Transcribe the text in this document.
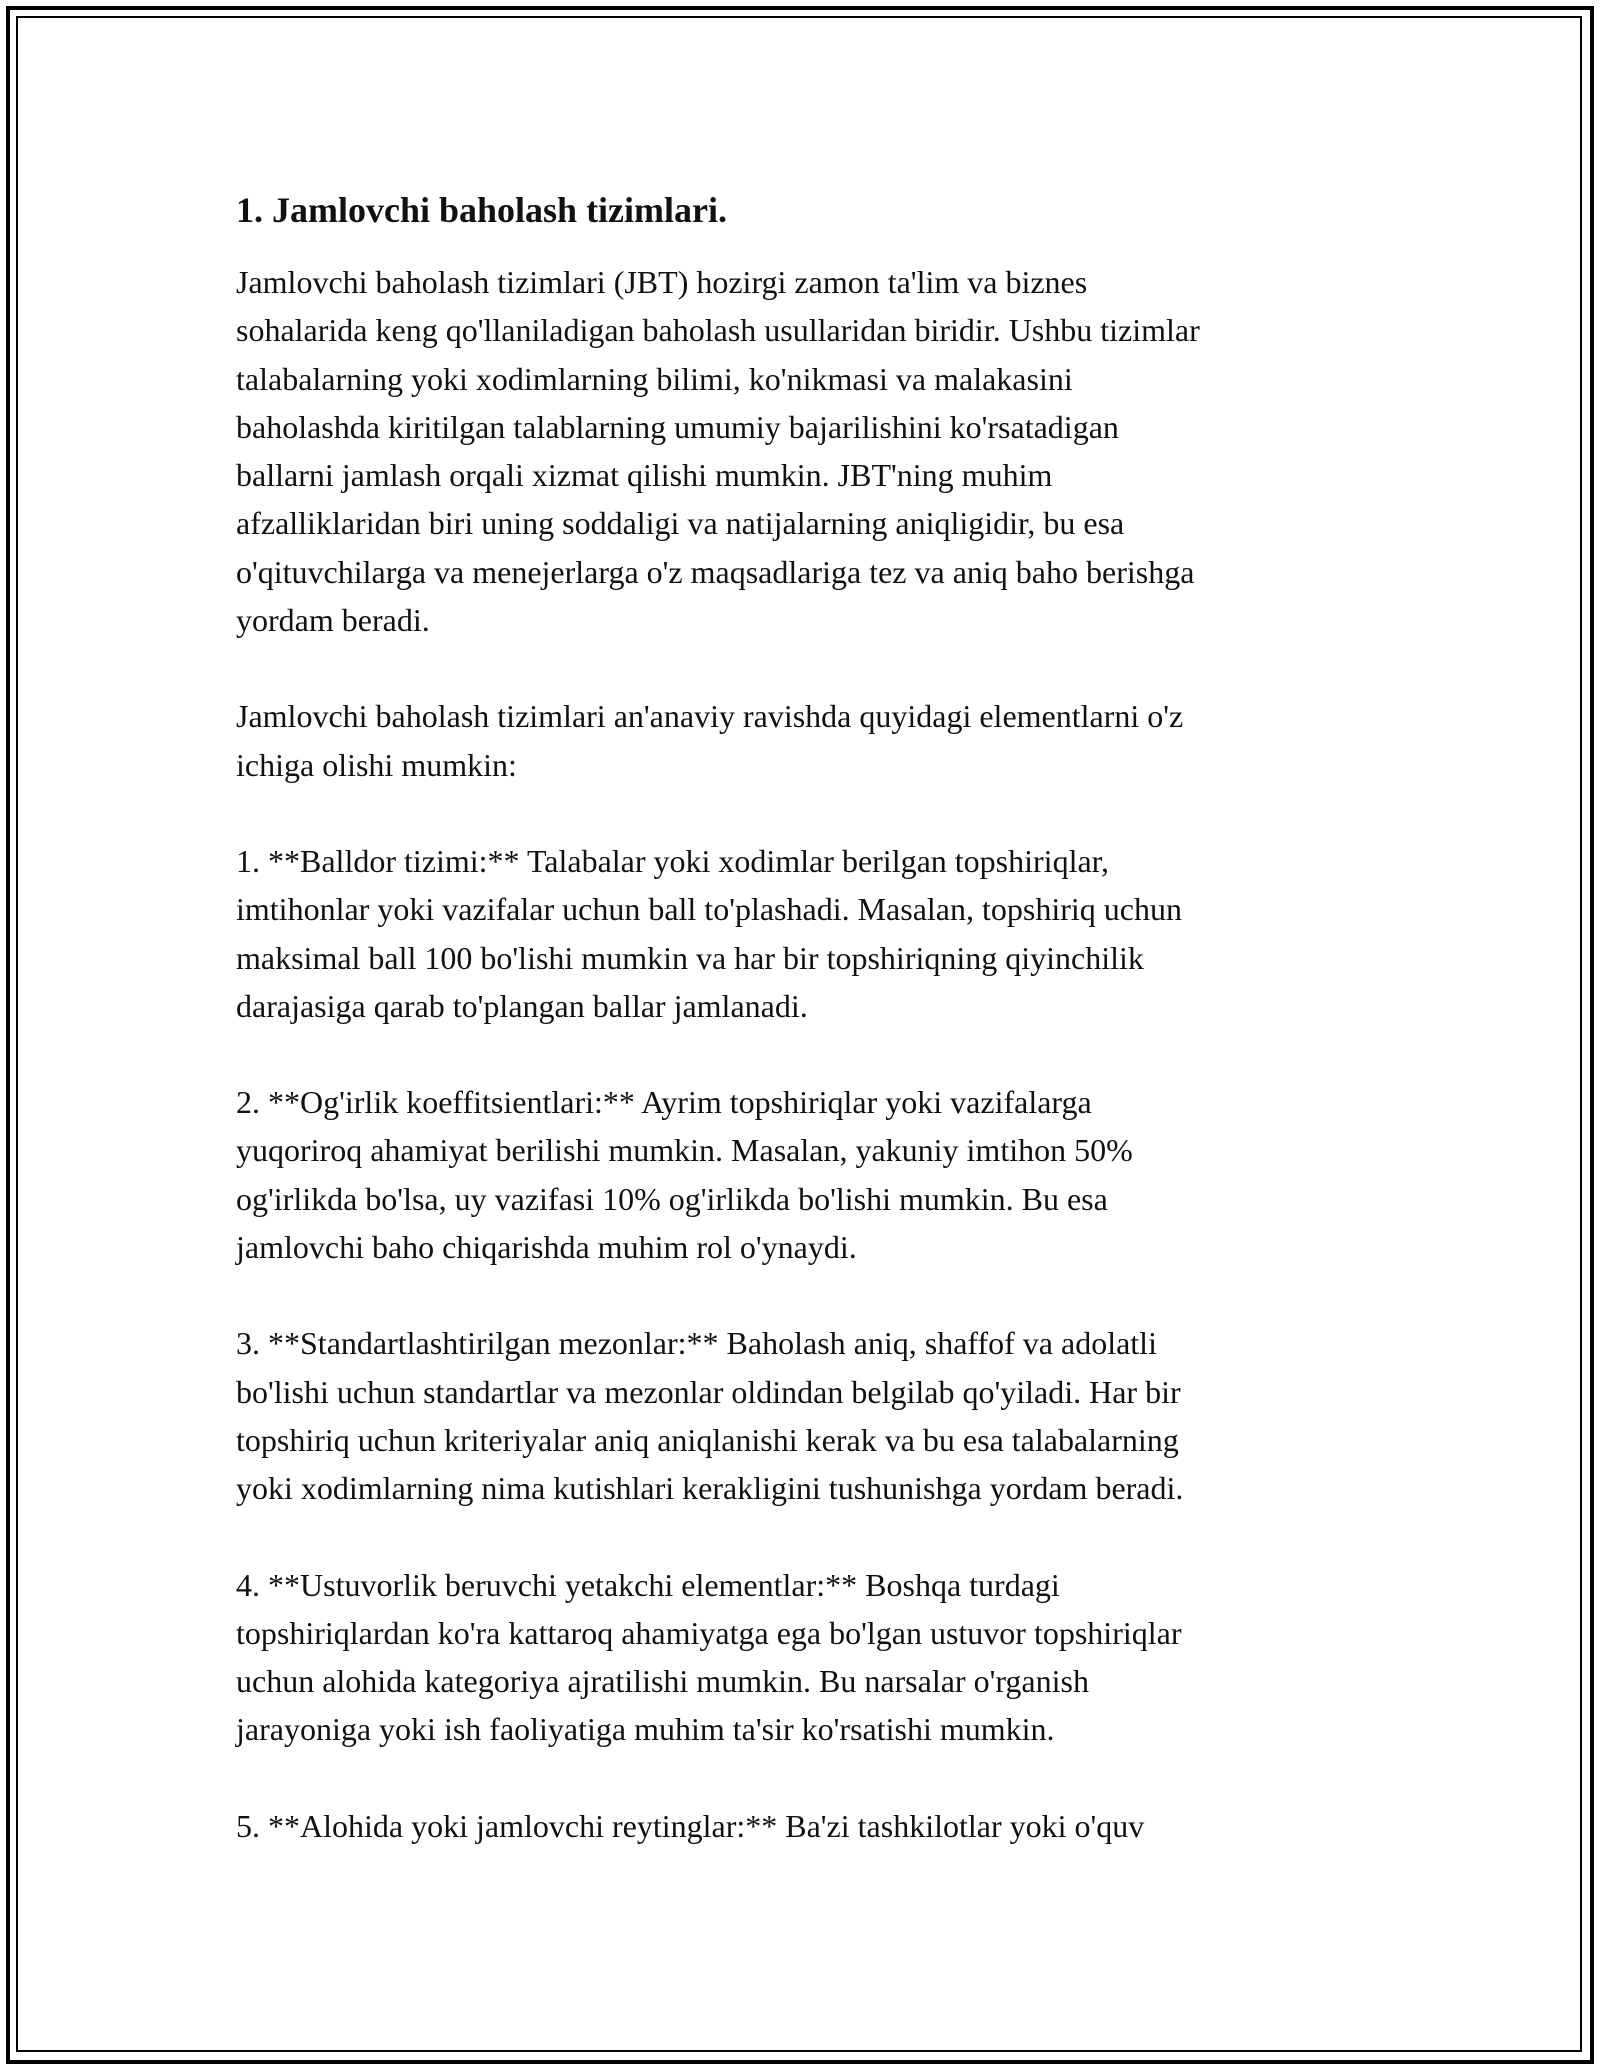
1. Jamlovchi baholash tizimlari.

Jamlovchi baholash tizimlari (JBT) hozirgi zamon ta'lim va biznes
sohalarida keng qo'llaniladigan baholash usullaridan biridir. Ushbu tizimlar
talabalarning yoki xodimlarning bilimi, ko'nikmasi va malakasini
baholashda kiritilgan talablarning umumiy bajarilishini ko'rsatadigan
ballarni jamlash orqali xizmat qilishi mumkin. JBT'ning muhim
afzalliklaridan biri uning soddaligi va natijalarning aniqligidir, bu esa
o'qituvchilarga va menejerlarga o'z maqsadlariga tez va aniq baho berishga
yordam beradi.

Jamlovchi baholash tizimlari an'anaviy ravishda quyidagi elementlarni o'z
ichiga olishi mumkin:

1. **Balldor tizimi:** Talabalar yoki xodimlar berilgan topshiriqlar,
imtihonlar yoki vazifalar uchun ball to'plashadi. Masalan, topshiriq uchun
maksimal ball 100 bo'lishi mumkin va har bir topshiriqning qiyinchilik
darajasiga qarab to'plangan ballar jamlanadi.

2. **Og'irlik koeffitsientlari:** Ayrim topshiriqlar yoki vazifalarga
yuqoriroq ahamiyat berilishi mumkin. Masalan, yakuniy imtihon 50%
og'irlikda bo'lsa, uy vazifasi 10% og'irlikda bo'lishi mumkin. Bu esa
jamlovchi baho chiqarishda muhim rol o'ynaydi.

3. **Standartlashtirilgan mezonlar:** Baholash aniq, shaffof va adolatli
bo'lishi uchun standartlar va mezonlar oldindan belgilab qo'yiladi. Har bir
topshiriq uchun kriteriyalar aniq aniqlanishi kerak va bu esa talabalarning
yoki xodimlarning nima kutishlari kerakligini tushunishga yordam beradi.

4. **Ustuvorlik beruvchi yetakchi elementlar:** Boshqa turdagi
topshiriqlardan ko'ra kattaroq ahamiyatga ega bo'lgan ustuvor topshiriqlar
uchun alohida kategoriya ajratilishi mumkin. Bu narsalar o'rganish
jarayoniga yoki ish faoliyatiga muhim ta'sir ko'rsatishi mumkin.

5. **Alohida yoki jamlovchi reytinglar:** Ba'zi tashkilotlar yoki o'quv
